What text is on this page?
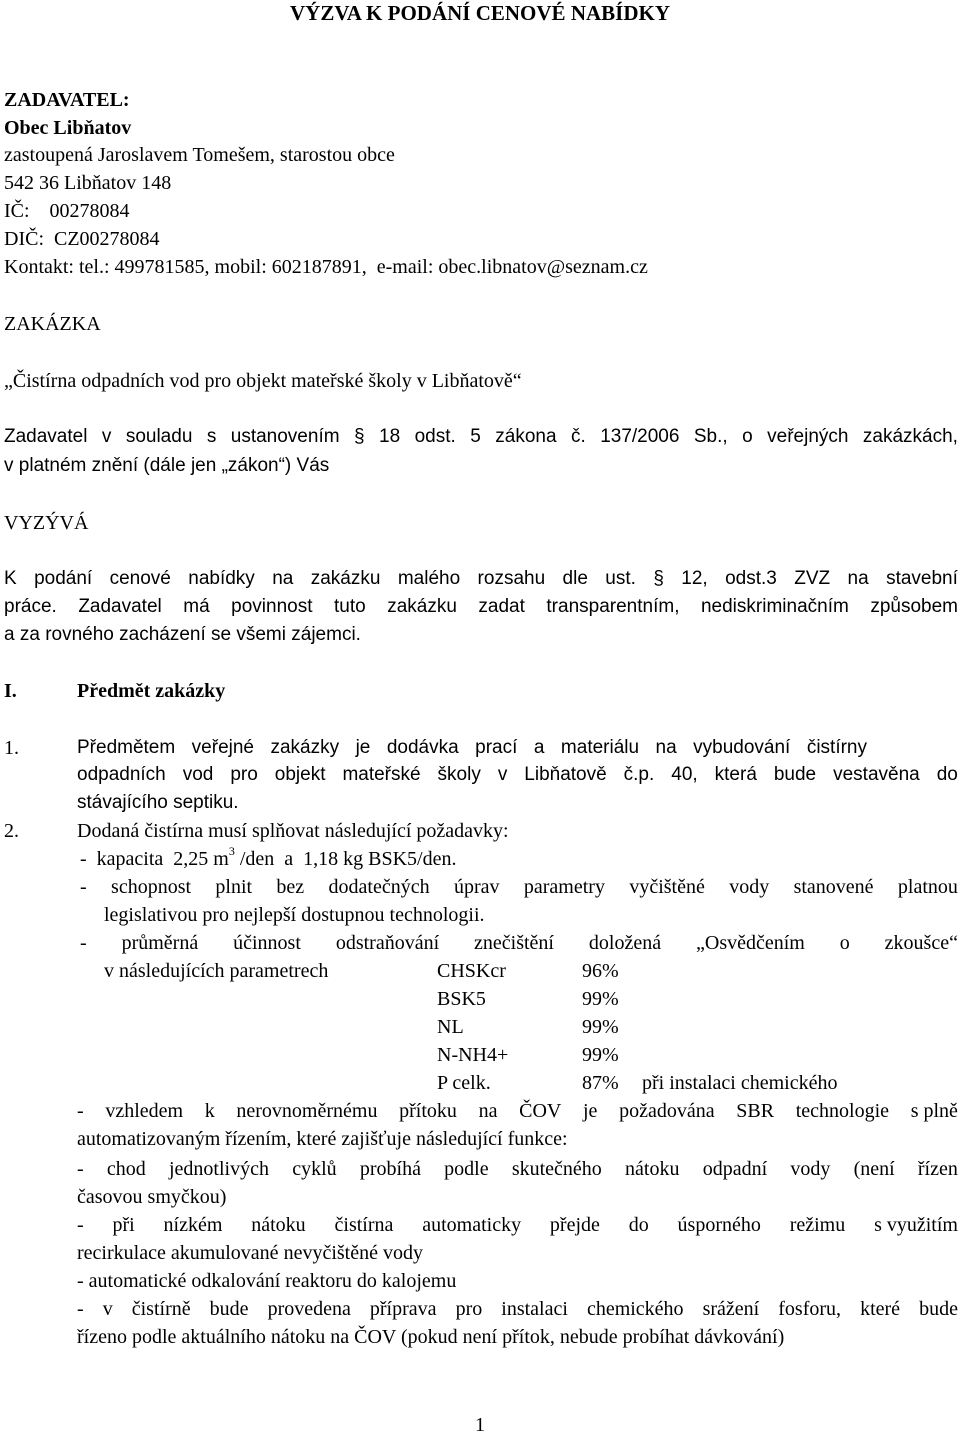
VÝZVA K PODÁNÍ CENOVÉ NABÍDKY
ZADAVATEL:
Obec Libňatov
zastoupená Jaroslavem Tomešem, starostou obce
542 36 Libňatov 148
IČ:    00278084
DIČ:  CZ00278084
Kontakt: tel.: 499781585, mobil: 602187891,  e-mail: obec.libnatov@seznam.cz
ZAKÁZKA
„Čistírna odpadních vod pro objekt mateřské školy v Libňatově“
Zadavatel v souladu s ustanovením § 18 odst. 5 zákona č. 137/2006 Sb., o veřejných zakázkách,
v platném znění (dále jen „zákon“) Vás
VYZÝVÁ
K podání cenové nabídky na zakázku malého rozsahu dle ust. § 12, odst.3 ZVZ na stavební
práce. Zadavatel má povinnost tuto zakázku zadat transparentním, nediskriminačním způsobem
a za rovného zacházení se všemi zájemci.
I.	Předmět zakázky
1.	Předmětem veřejné zakázky je dodávka prací a materiálu na vybudování čistírny
odpadních vod pro objekt mateřské školy v Libňatově č.p. 40, která bude vestavěna do
stávajícího septiku.
2.	Dodaná čistírna musí splňovat následující požadavky:
-  kapacita  2,25 $m^3$ /den  a  1,18 kg BSK5/den.
- schopnost plnit bez dodatečných úprav parametry vyčištěné vody stanovené platnou
legislativou pro nejlepší dostupnou technologii.
- průměrná účinnost odstraňování znečištění doložená „Osvědčením o zkoušce“
v následujících parametrech	CHSKcr	96%
BSK5	99%
NL	99%
N-NH4+	99%
P celk.	87% při instalaci chemického
- vzhledem k nerovnoměrnému přítoku na ČOV je požadována SBR technologie s plně
automatizovaným řízením, které zajišťuje následující funkce:
- chod jednotlivých cyklů probíhá podle skutečného nátoku odpadní vody (není řízen
časovou smyčkou)
- při nízkém nátoku čistírna automaticky přejde do úsporného režimu s využitím
recirkulace akumulované nevyčištěné vody
- automatické odkalování reaktoru do kalojemu
- v čistírně bude provedena příprava pro instalaci chemického srážení fosforu, které bude
řízeno podle aktuálního nátoku na ČOV (pokud není přítok, nebude probíhat dávkování)
1
